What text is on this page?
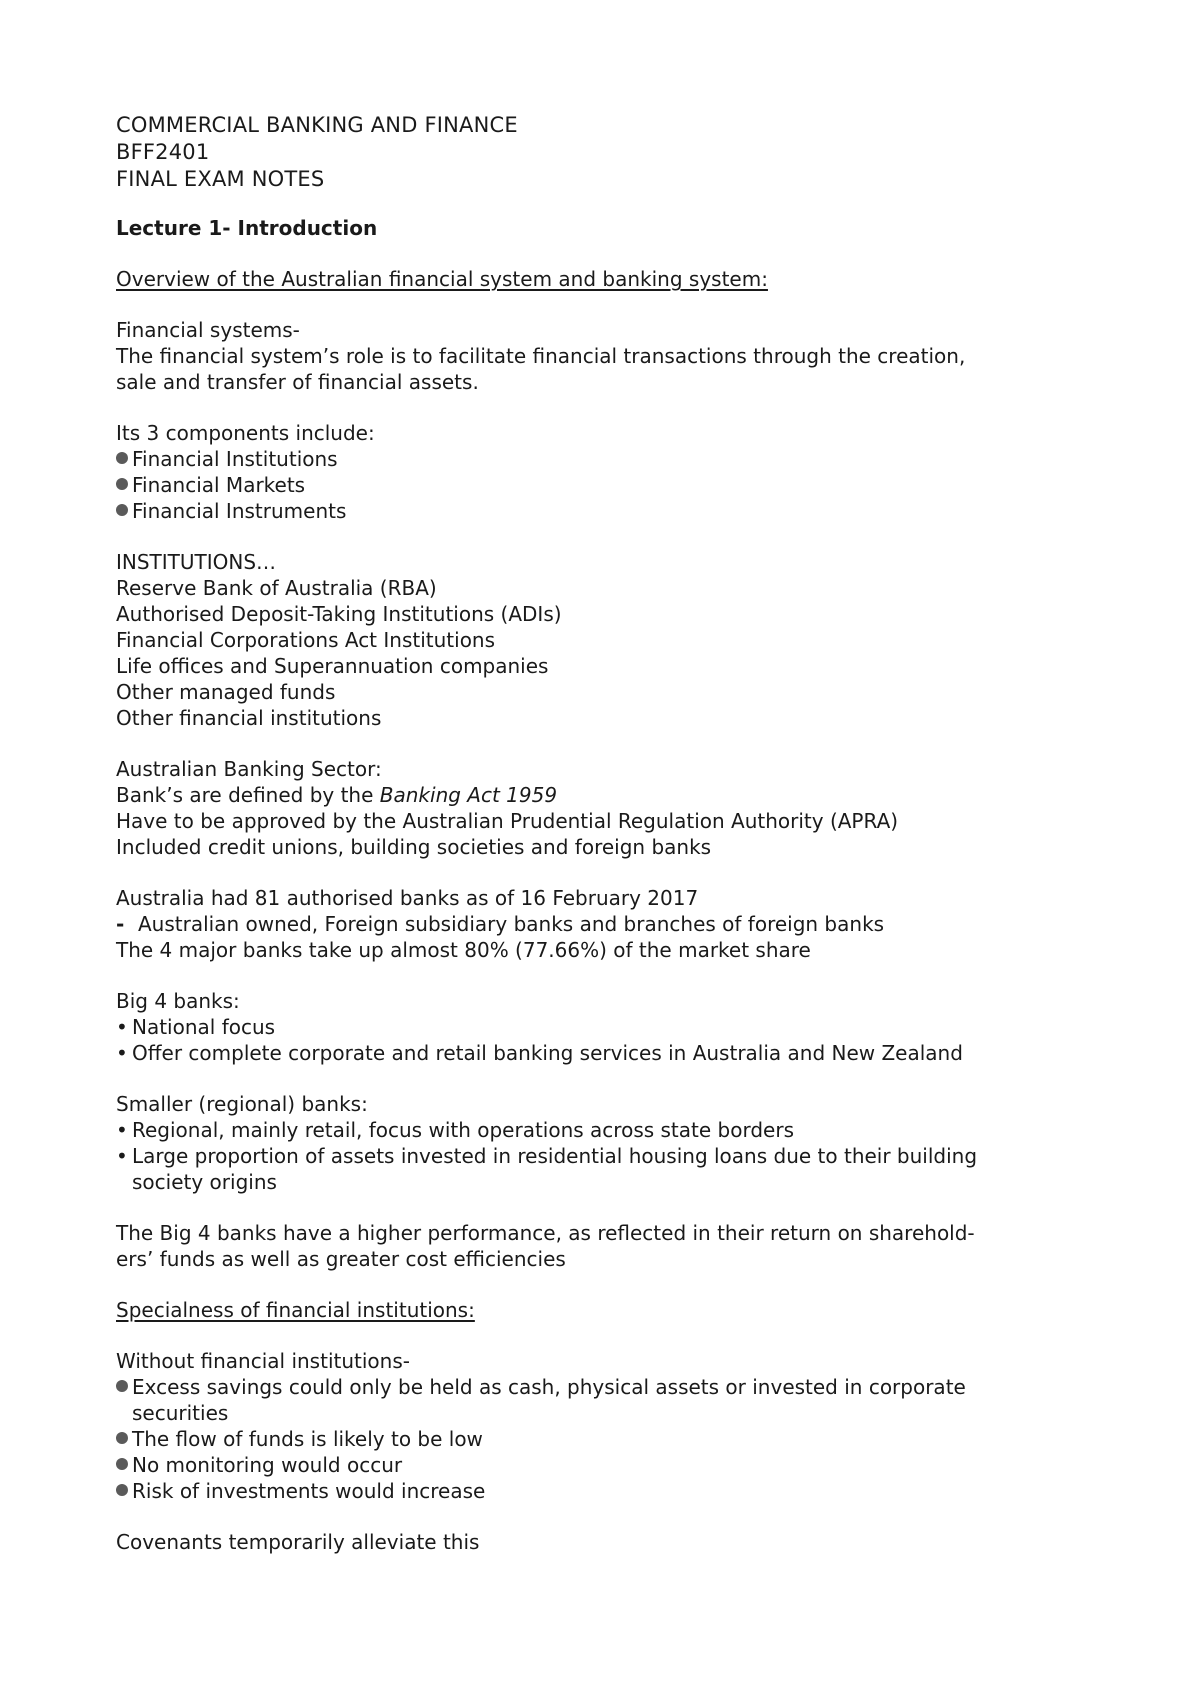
COMMERCIAL BANKING AND FINANCE
BFF2401
FINAL EXAM NOTES
Lecture 1- Introduction
Overview of the Australian financial system and banking system:
Financial systems-
The financial system’s role is to facilitate financial transactions through the creation,
sale and transfer of financial assets.
Its 3 components include:
Financial Institutions
Financial Markets
Financial Instruments
INSTITUTIONS…
Reserve Bank of Australia (RBA)
Authorised Deposit-Taking Institutions (ADIs)
Financial Corporations Act Institutions
Life offices and Superannuation companies
Other managed funds
Other financial institutions
Australian Banking Sector:
Bank’s are defined by the Banking Act 1959
Have to be approved by the Australian Prudential Regulation Authority (APRA)
Included credit unions, building societies and foreign banks
Australia had 81 authorised banks as of 16 February 2017
- Australian owned, Foreign subsidiary banks and branches of foreign banks
The 4 major banks take up almost 80% (77.66%) of the market share
Big 4 banks:
• National focus
• Offer complete corporate and retail banking services in Australia and New Zealand
Smaller (regional) banks:
• Regional, mainly retail, focus with operations across state borders
• Large proportion of assets invested in residential housing loans due to their building
society origins
The Big 4 banks have a higher performance, as reflected in their return on sharehold-
ers’ funds as well as greater cost efficiencies
Specialness of financial institutions:
Without financial institutions-
Excess savings could only be held as cash, physical assets or invested in corporate
securities
The flow of funds is likely to be low
No monitoring would occur
Risk of investments would increase
Covenants temporarily alleviate this
